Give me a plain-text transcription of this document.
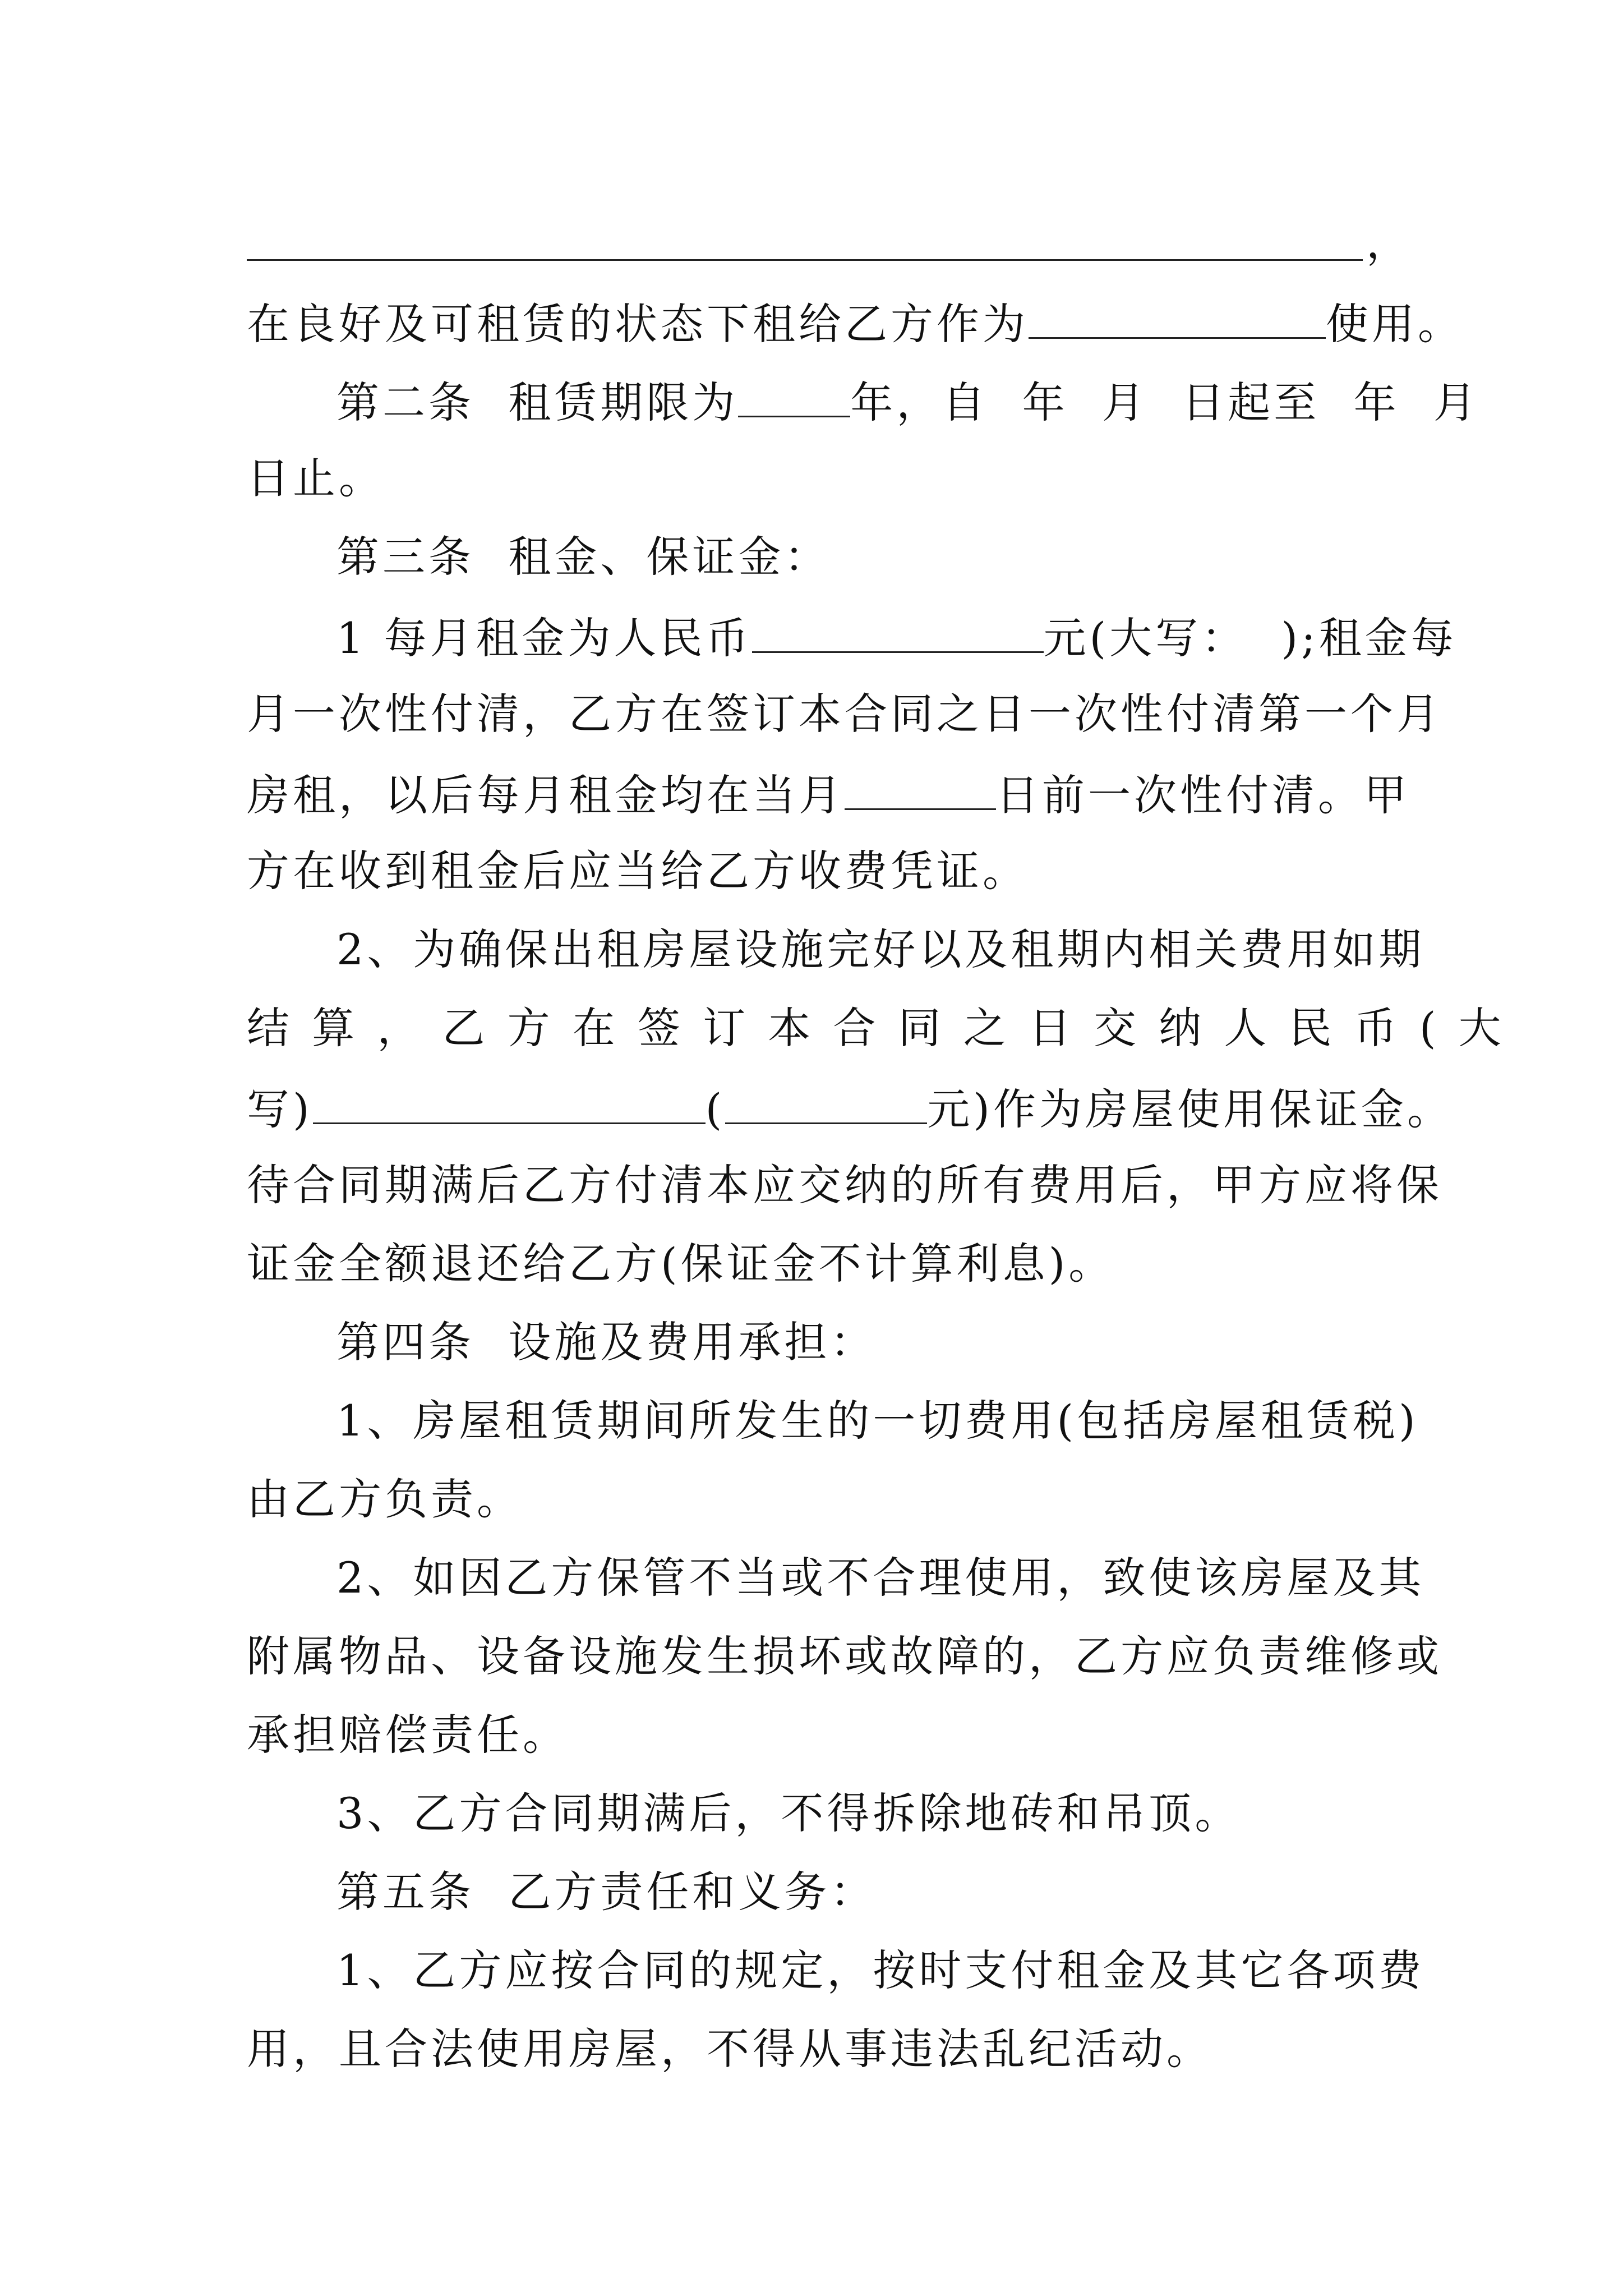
，
在良好及可租赁的状态下租给乙方作为	使用。
第二条  租赁期限为	年，自  年  月  日起至  年  月
日止。
第三条  租金、保证金：
1 每月租金为人民币	元(大写：  );租金每
月一次性付清，乙方在签订本合同之日一次性付清第一个月
房租，以后每月租金均在当月	日前一次性付清。甲
方在收到租金后应当给乙方收费凭证。
2、为确保出租房屋设施完好以及租期内相关费用如期
结 算 ， 乙 方 在 签 订 本 合 同 之 日 交 纳 人 民 币 ( 大
写)	(	元)作为房屋使用保证金。
待合同期满后乙方付清本应交纳的所有费用后，甲方应将保
证金全额退还给乙方(保证金不计算利息)。
第四条  设施及费用承担：
1、房屋租赁期间所发生的一切费用(包括房屋租赁税)
由乙方负责。
2、如因乙方保管不当或不合理使用，致使该房屋及其
附属物品、设备设施发生损坏或故障的，乙方应负责维修或
承担赔偿责任。
3、乙方合同期满后，不得拆除地砖和吊顶。
第五条  乙方责任和义务：
1、乙方应按合同的规定，按时支付租金及其它各项费
用，且合法使用房屋，不得从事违法乱纪活动。
